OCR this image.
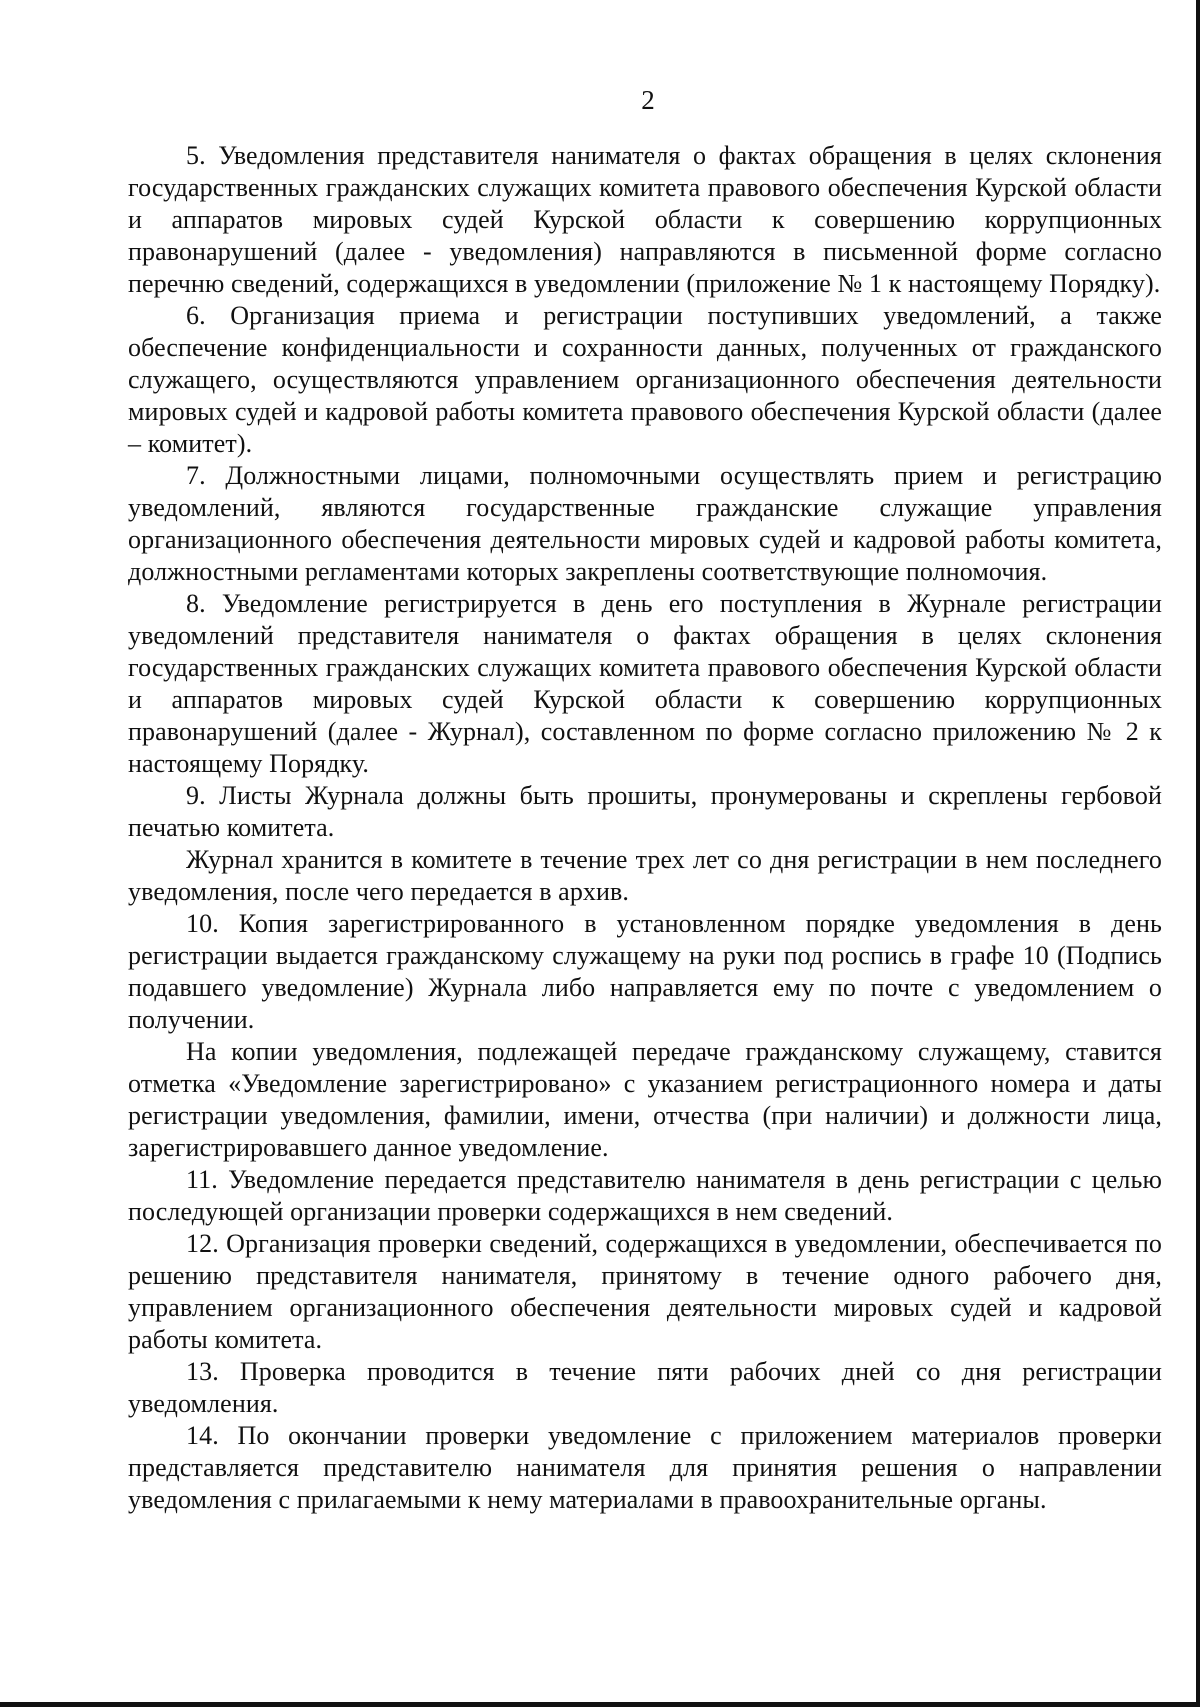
2

5. Уведомления представителя нанимателя о фактах обращения в целях склонения государственных гражданских служащих комитета правового обеспечения Курской области и аппаратов мировых судей Курской области к совершению коррупционных правонарушений (далее - уведомления) направляются в письменной форме согласно перечню сведений, содержащихся в уведомлении (приложение № 1 к настоящему Порядку).

6. Организация приема и регистрации поступивших уведомлений, а также обеспечение конфиденциальности и сохранности данных, полученных от гражданского служащего, осуществляются управлением организационного обеспечения деятельности мировых судей и кадровой работы комитета правового обеспечения Курской области (далее – комитет).

7. Должностными лицами, полномочными осуществлять прием и регистрацию уведомлений, являются государственные гражданские служащие управления организационного обеспечения деятельности мировых судей и кадровой работы комитета, должностными регламентами которых закреплены соответствующие полномочия.

8. Уведомление регистрируется в день его поступления в Журнале регистрации уведомлений представителя нанимателя о фактах обращения в целях склонения государственных гражданских служащих комитета правового обеспечения Курской области и аппаратов мировых судей Курской области к совершению коррупционных правонарушений (далее - Журнал), составленном по форме согласно приложению № 2 к настоящему Порядку.

9. Листы Журнала должны быть прошиты, пронумерованы и скреплены гербовой печатью комитета.

Журнал хранится в комитете в течение трех лет со дня регистрации в нем последнего уведомления, после чего передается в архив.

10. Копия зарегистрированного в установленном порядке уведомления в день регистрации выдается гражданскому служащему на руки под роспись в графе 10 (Подпись подавшего уведомление) Журнала либо направляется ему по почте с уведомлением о получении.

На копии уведомления, подлежащей передаче гражданскому служащему, ставится отметка «Уведомление зарегистрировано» с указанием регистрационного номера и даты регистрации уведомления, фамилии, имени, отчества (при наличии) и должности лица, зарегистрировавшего данное уведомление.

11. Уведомление передается представителю нанимателя в день регистрации с целью последующей организации проверки содержащихся в нем сведений.

12. Организация проверки сведений, содержащихся в уведомлении, обеспечивается по решению представителя нанимателя, принятому в течение одного рабочего дня, управлением организационного обеспечения деятельности мировых судей и кадровой работы комитета.

13. Проверка проводится в течение пяти рабочих дней со дня регистрации уведомления.

14. По окончании проверки уведомление с приложением материалов проверки представляется представителю нанимателя для принятия решения о направлении уведомления с прилагаемыми к нему материалами в правоохранительные органы.
